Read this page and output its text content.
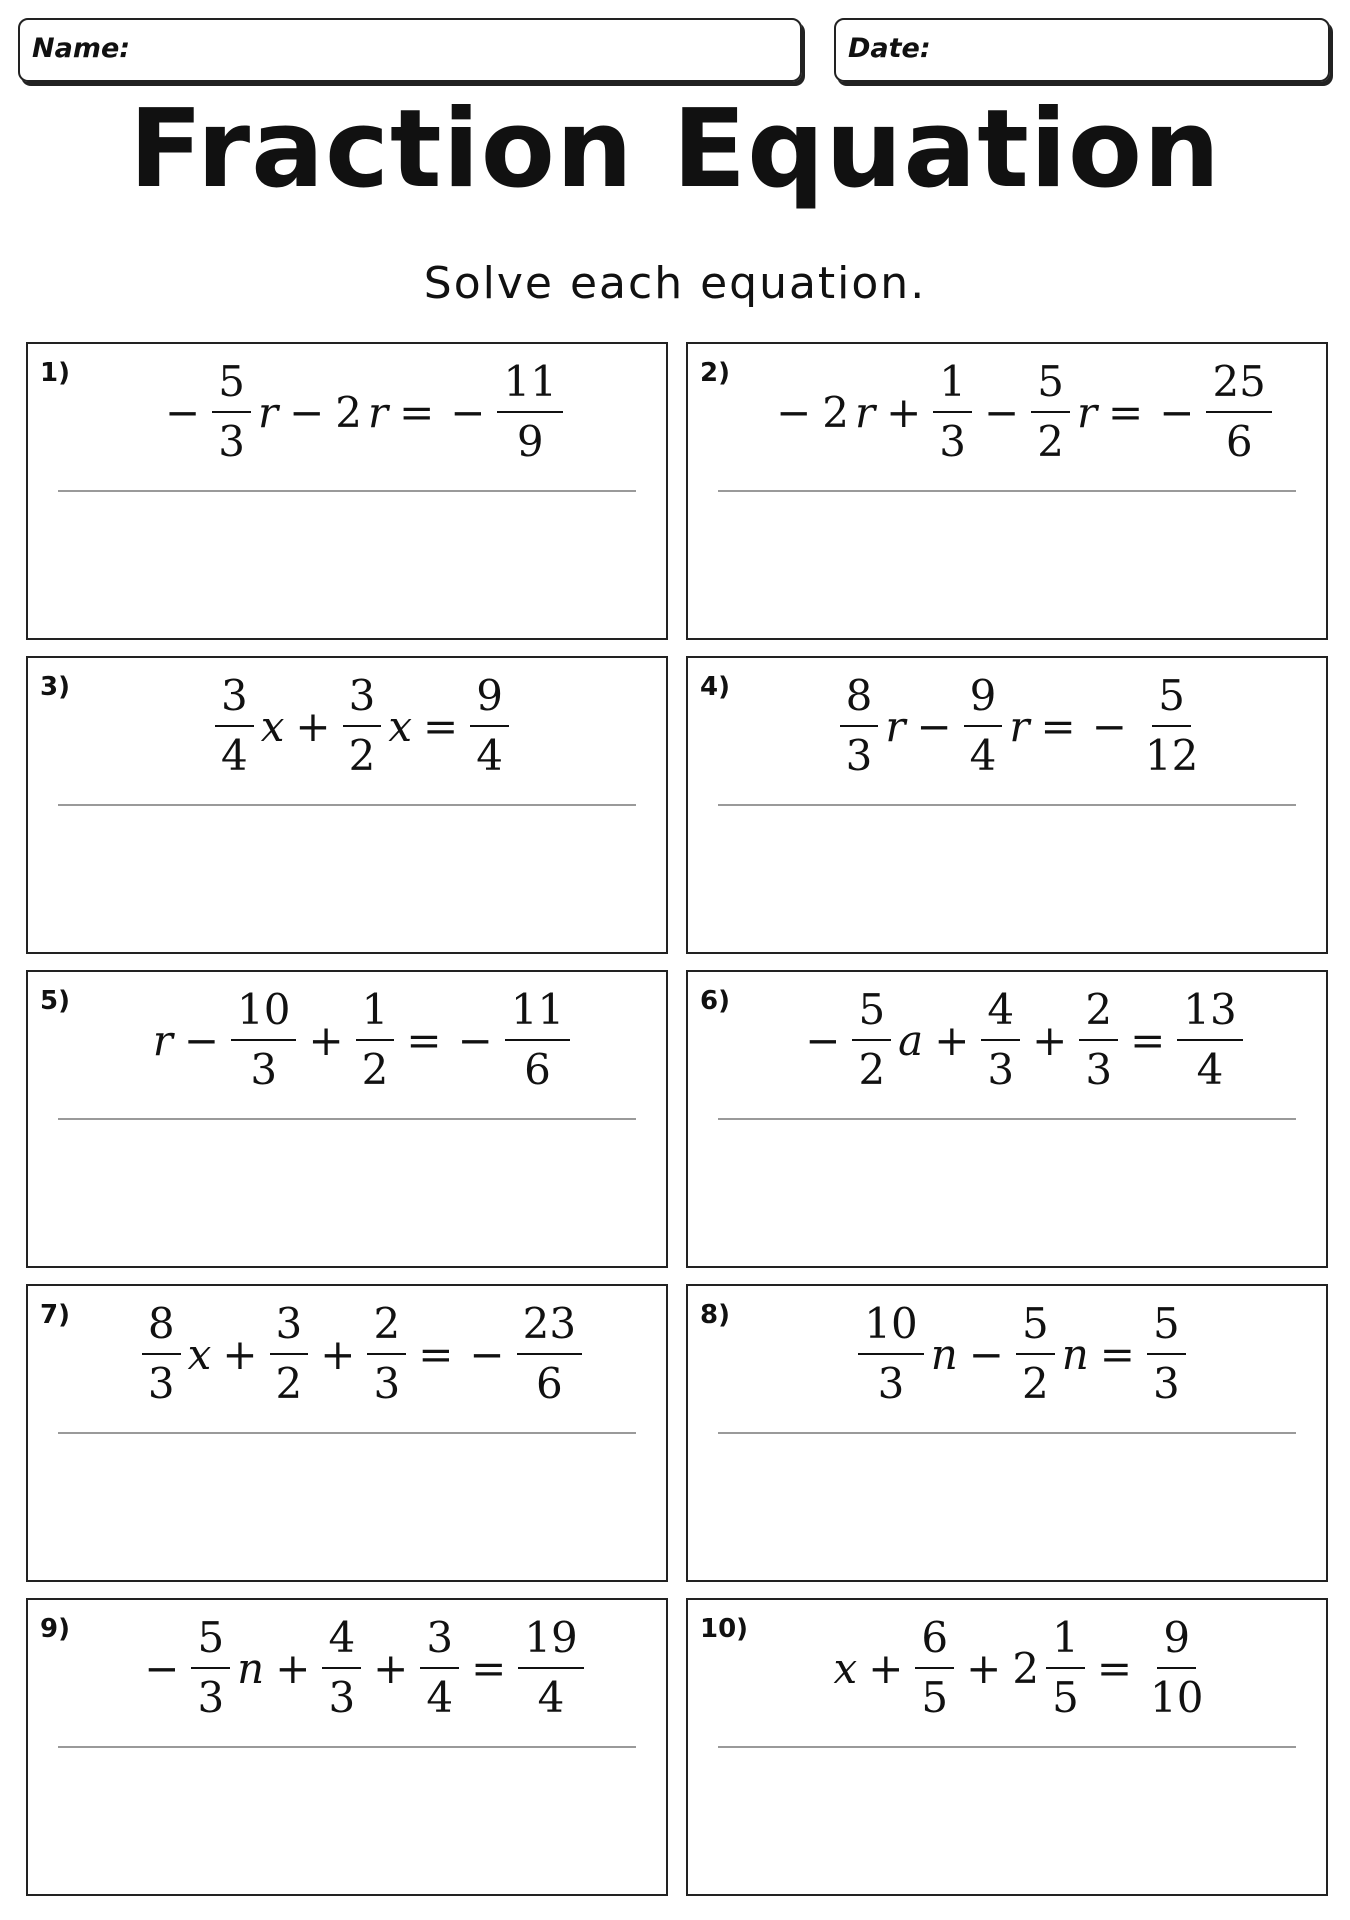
Name:	Date:
Fraction Equation
Solve each equation.
1)
− $\frac{5}{3}$ r − 2 r = − $\frac{11}{9}$	2)
− 2 $r + \frac{1}{3} - \frac{5}{2}$ r = − $\frac{25}{6}$
3)	$\frac{3}{4}$ $x + \frac{3}{2}$ $x = \frac{9}{4}$	4)	$\frac{8}{3}$ $r - \frac{9}{4}$ r = − $\frac{5}{12}$
5)
$r - \frac{10}{3} + \frac{1}{2}$ = − $\frac{11}{6}$	6)
− $\frac{5}{2}$ $a + \frac{4}{3} + \frac{2}{3} = \frac{13}{4}$
$7) \frac{8}{3}$ $x + \frac{3}{2} + \frac{2}{3}$ = − $\frac{23}{6}$	8)	$\frac{10}{3}$ $n - \frac{5}{2}$ $n = \frac{5}{3}$
9)
− $\frac{5}{3}$ $n + \frac{4}{3} + \frac{3}{4} = \frac{19}{4}$	10)
$x + \frac{6}{5} + 2 \frac{1}{5} = \frac{9}{10}$
